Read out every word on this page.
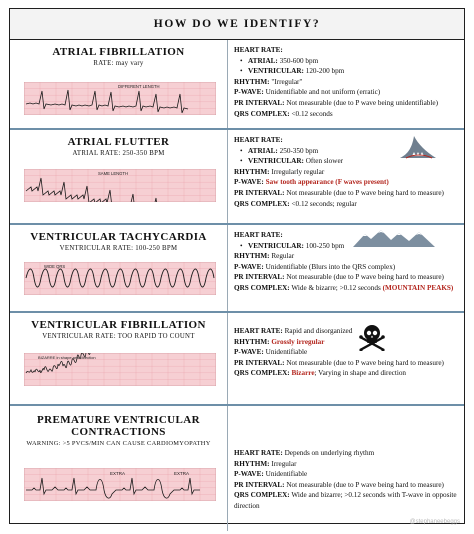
HOW DO WE IDENTIFY?
ATRIAL FIBRILLATION
RATE: may vary
DIFFERENT LENGTH
HEART RATE:
• ATRIAL: 350-600 bpm
• VENTRICULAR: 120-200 bpm
RHYTHM: "Irregular"
P-WAVE: Unidentifiable and not uniform (erratic)
PR INTERVAL: Not measurable (due to P wave being unidentifiable)
QRS COMPLEX: <0.12 seconds
ATRIAL FLUTTER
ATRIAL RATE: 250-350 BPM
SAME LENGTH
HEART RATE:
• ATRIAL: 250-350 bpm
• VENTRICULAR: Often slower
RHYTHM: Irregularly regular
P-WAVE: Saw tooth appearance (F waves present)
PR INTERVAL: Not measurable (due to P wave being hard to measure)
QRS COMPLEX: <0.12 seconds; regular
VENTRICULAR TACHYCARDIA
VENTRICULAR RATE: 100-250 BPM
WIDE QRS
HEART RATE:
• VENTRICULAR: 100-250 bpm
RHYTHM: Regular
P-WAVE: Unidentifiable (Blurs into the QRS complex)
PR INTERVAL: Not measurable (due to P wave being hard to measure)
QRS COMPLEX: Wide & bizarre; >0.12 seconds (MOUNTAIN PEAKS)
VENTRICULAR FIBRILLATION
VENTRICULAR RATE: TOO RAPID TO COUNT
BIZARRE in shape and direction
HEART RATE: Rapid and disorganized
RHYTHM: Grossly irregular
P-WAVE: Unidentifiable
PR INTERVAL: Not measurable (due to P wave being hard to measure)
QRS COMPLEX: Bizarre; Varying in shape and direction
PREMATURE VENTRICULAR
CONTRACTIONS
WARNING: >5 PVCS/MIN CAN CAUSE CARDIOMYOPATHY
EXTRA	EXTRA
HEART RATE: Depends on underlying rhythm
RHYTHM: Irregular
P-WAVE: Unidentifiable
PR INTERVAL: Not measurable (due to P wave being hard to measure)
QRS COMPLEX: Wide and bizarre; >0.12 seconds with T-wave in opposite direction
@stephaneebeggs
